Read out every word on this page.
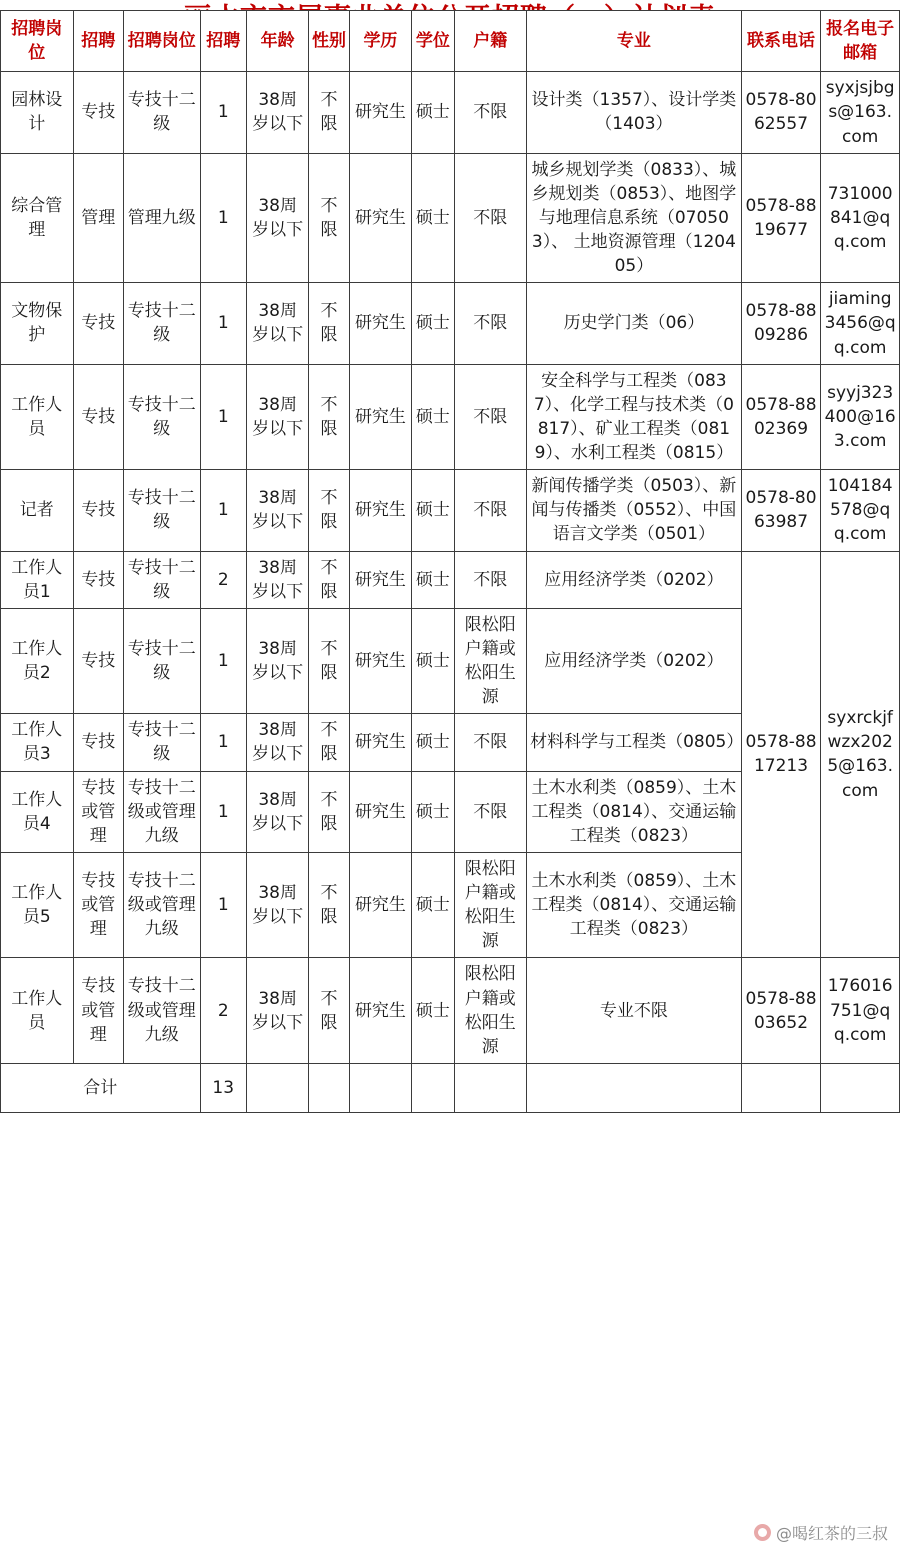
招聘岗位	招聘	招聘岗位	招聘	年龄	性别	学历	学位	户籍	专业	联系电话	报名电子邮箱
园林设计	专技	专技十二级	1	38周岁以下	不限	研究生	硕士	不限	设计类（1357）、设计学类（1403）	0578-8062557	syxjsjbgs@163.com
综合管理	管理	管理九级	1	38周岁以下	不限	研究生	硕士	不限	城乡规划学类（0833）、城乡规划类（0853）、地图学与地理信息系统（070503）、 土地资源管理（120405）	0578-8819677	731000841@qq.com
文物保护	专技	专技十二级	1	38周岁以下	不限	研究生	硕士	不限	历史学门类（06）	0578-8809286	jiaming3456@qq.com
工作人员	专技	专技十二级	1	38周岁以下	不限	研究生	硕士	不限	安全科学与工程类（0837）、化学工程与技术类（0817）、矿业工程类（0819）、水利工程类（0815）	0578-8802369	syyj323400@163.com
记者	专技	专技十二级	1	38周岁以下	不限	研究生	硕士	不限	新闻传播学类（0503）、新闻与传播类（0552）、中国语言文学类（0501）	0578-8063987	104184578@qq.com
工作人员1	专技	专技十二级	2	38周岁以下	不限	研究生	硕士	不限	应用经济学类（0202）	0578-8817213	syxrckjfwzx2025@163.com
工作人员2	专技	专技十二级	1	38周岁以下	不限	研究生	硕士	限松阳户籍或松阳生源	应用经济学类（0202）		
工作人员3	专技	专技十二级	1	38周岁以下	不限	研究生	硕士	不限	材料科学与工程类（0805）		
工作人员4	专技或管理	专技十二级或管理九级	1	38周岁以下	不限	研究生	硕士	不限	土木水利类（0859）、土木工程类（0814）、交通运输工程类（0823）		
工作人员5	专技或管理	专技十二级或管理九级	1	38周岁以下	不限	研究生	硕士	限松阳户籍或松阳生源	土木水利类（0859）、土木工程类（0814）、交通运输工程类（0823）		
工作人员	专技或管理	专技十二级或管理九级	2	38周岁以下	不限	研究生	硕士	限松阳户籍或松阳生源	专业不限	0578-8803652	176016751@qq.com
合计			13								
@喝红茶的三叔
